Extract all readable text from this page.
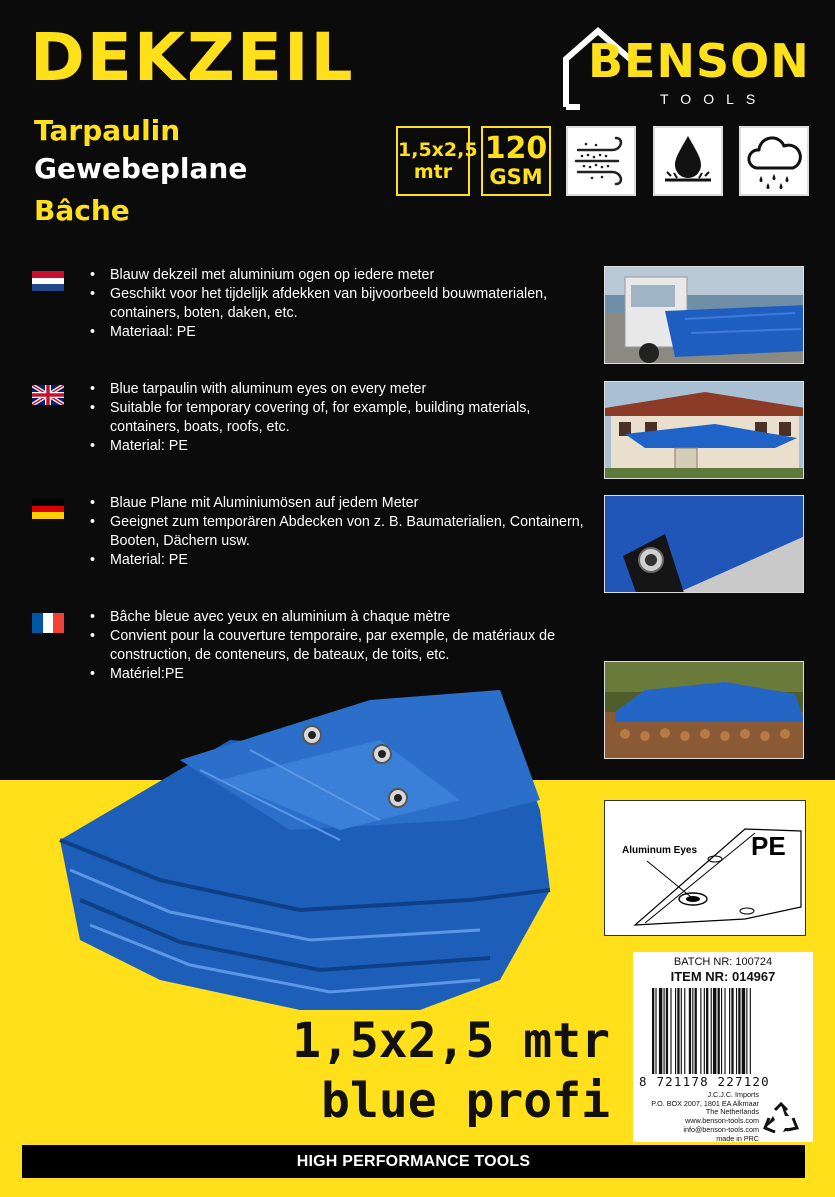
DEKZEIL
Tarpaulin
Gewebeplane
Bâche
BENSON
TOOLS
1,5x2,5
mtr
120
GSM
• Blauw dekzeil met aluminium ogen op iedere meter
• Geschikt voor het tijdelijk afdekken van bijvoorbeeld bouwmaterialen, containers, boten, daken, etc.
• Materiaal: PE
• Blue tarpaulin with aluminum eyes on every meter
• Suitable for temporary covering of, for example, building materials, containers, boats, roofs, etc.
• Material: PE
• Blaue Plane mit Aluminiumösen auf jedem Meter
• Geeignet zum temporären Abdecken von z. B. Baumaterialien, Containern, Booten, Dächern usw.
• Material: PE
• Bâche bleue avec yeux en aluminium à chaque mètre
• Convient pour la couverture temporaire, par exemple, de matériaux de construction, de conteneurs, de bateaux, de toits, etc.
• Matériel:PE
Aluminum Eyes PE
1,5x2,5 mtr
blue profi
BATCH NR: 100724
ITEM NR: 014967
8 721178 227120
J.C.J.C. Imports
P.O. BOX 2007, 1801 EA Alkmaar
The Netherlands
www.benson-tools.com
info@benson-tools.com
made in PRC
HIGH PERFORMANCE TOOLS
